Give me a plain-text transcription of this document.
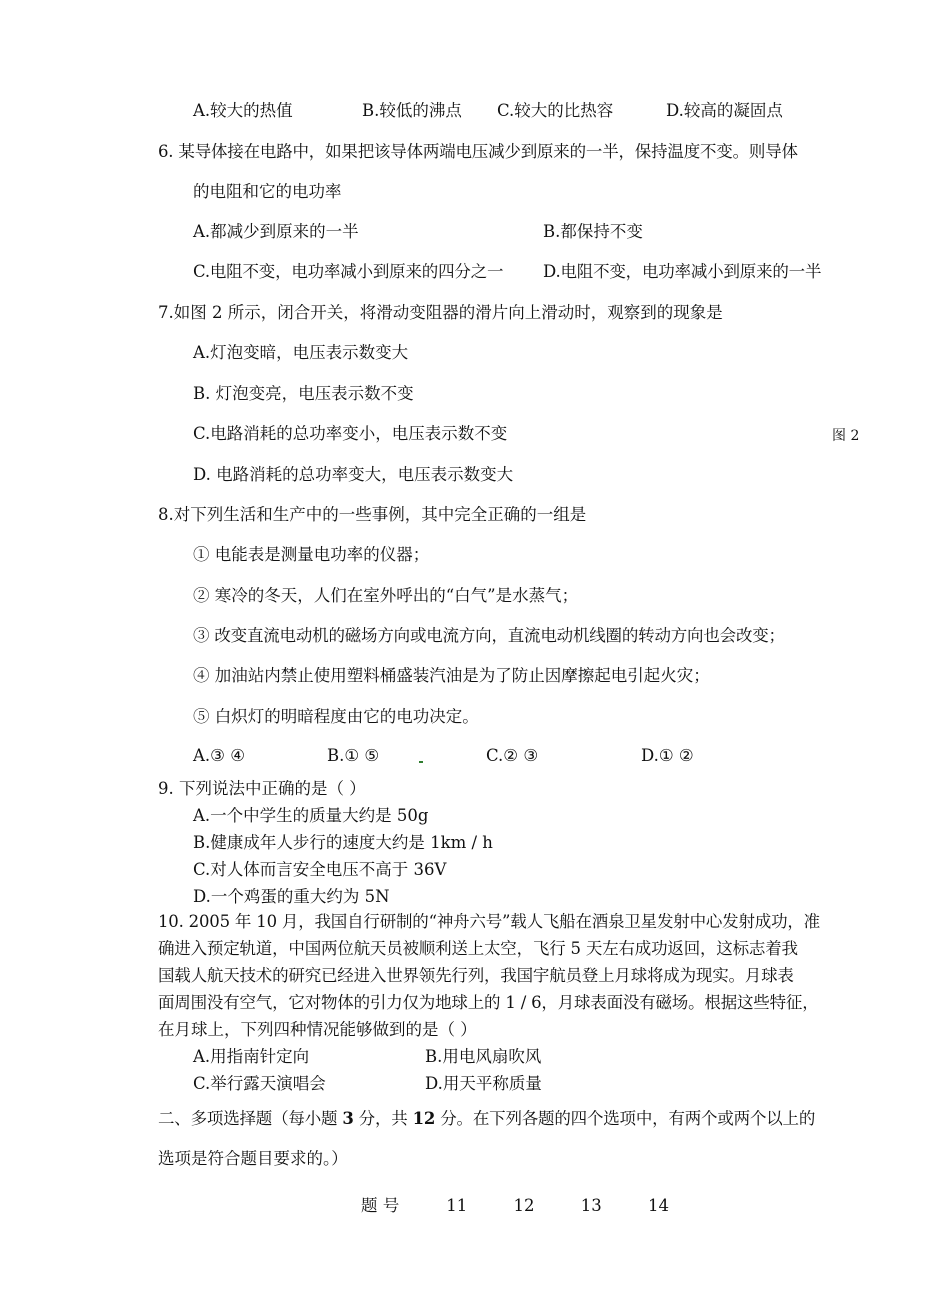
A.较大的热值	B.较低的沸点 C.较大的比热容	D.较高的凝固点
6. 某导体接在电路中，如果把该导体两端电压减少到原来的一半，保持温度不变。则导体
的电阻和它的电功率
A.都减少到原来的一半	B.都保持不变
C.电阻不变，电功率减小到原来的四分之一 D.电阻不变，电功率减小到原来的一半
7.如图 2 所示，闭合开关，将滑动变阻器的滑片向上滑动时，观察到的现象是
A.灯泡变暗，电压表示数变大
B. 灯泡变亮，电压表示数不变
C.电路消耗的总功率变小，电压表示数不变	图 2
D. 电路消耗的总功率变大，电压表示数变大
8.对下列生活和生产中的一些事例，其中完全正确的一组是
① 电能表是测量电功率的仪器；
② 寒冷的冬天，人们在室外呼出的“白气”是水蒸气；
③ 改变直流电动机的磁场方向或电流方向，直流电动机线圈的转动方向也会改变；
④ 加油站内禁止使用塑料桶盛装汽油是为了防止因摩擦起电引起火灾；
⑤ 白炽灯的明暗程度由它的电功决定。
A.③ ④	B.① ⑤	C.② ③	D.① ②
9. 下列说法中正确的是（ ）
A.一个中学生的质量大约是 50g
B.健康成年人步行的速度大约是 1km / h
C.对人体而言安全电压不高于 36V
D.一个鸡蛋的重大约为 5N
10. 2005 年 10 月，我国自行研制的“神舟六号”载人飞船在酒泉卫星发射中心发射成功，准
确进入预定轨道，中国两位航天员被顺利送上太空，飞行 5 天左右成功返回，这标志着我
国载人航天技术的研究已经进入世界领先行列，我国宇航员登上月球将成为现实。月球表
面周围没有空气，它对物体的引力仅为地球上的 1 / 6，月球表面没有磁场。根据这些特征，
在月球上，下列四种情况能够做到的是（ ）
A.用指南针定向	B.用电风扇吹风
C.举行露天演唱会	D.用天平称质量
二、多项选择题（每小题 3 分，共 12 分。在下列各题的四个选项中，有两个或两个以上的
选项是符合题目要求的。）
题 号	11	12	13	14
